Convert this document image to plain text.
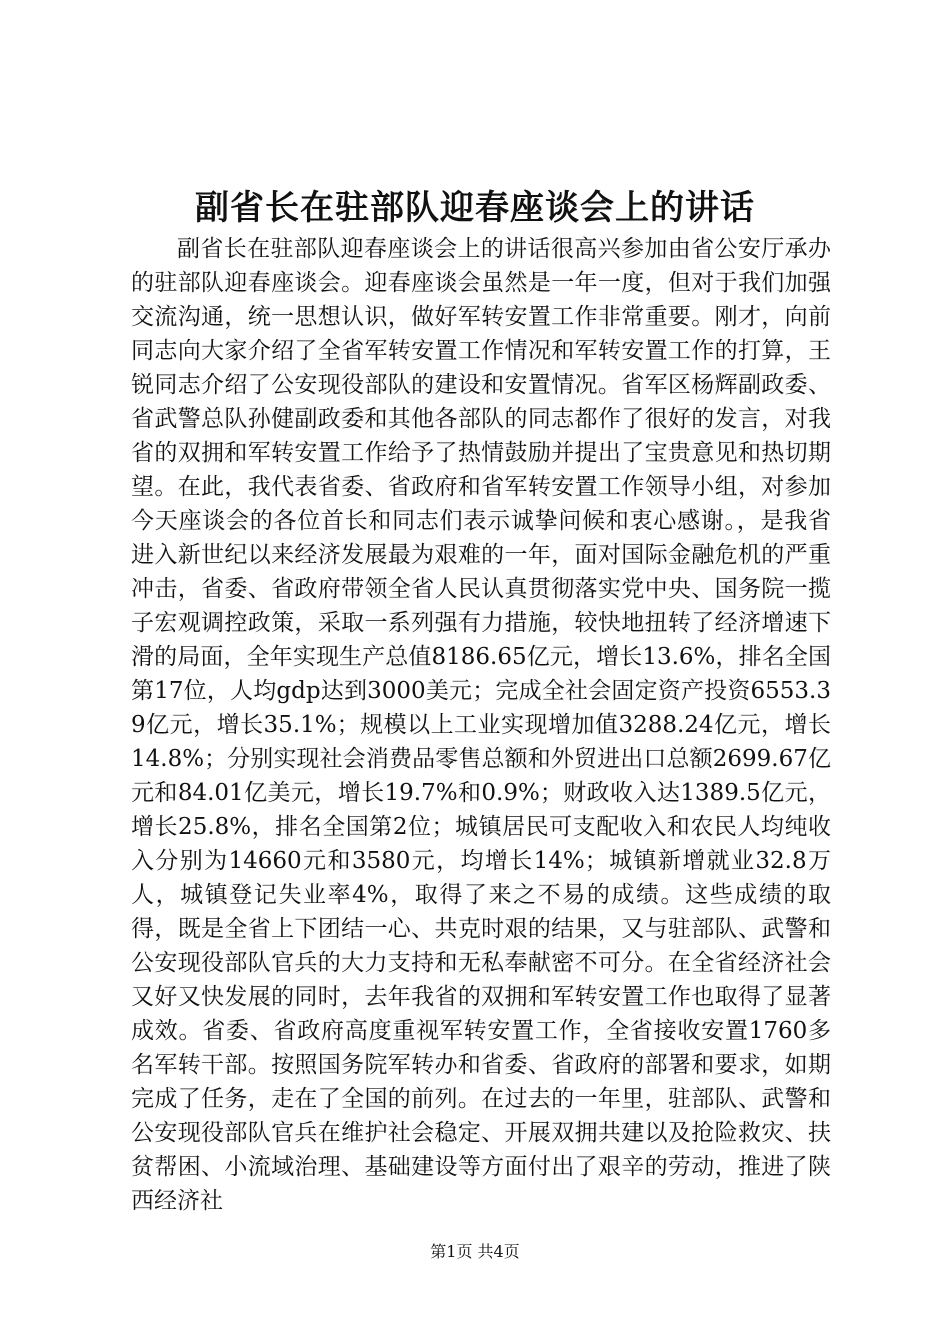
副省长在驻部队迎春座谈会上的讲话

副省长在驻部队迎春座谈会上的讲话很高兴参加由省公安厅承办的驻部队迎春座谈会。迎春座谈会虽然是一年一度，但对于我们加强交流沟通，统一思想认识，做好军转安置工作非常重要。刚才，向前同志向大家介绍了全省军转安置工作情况和军转安置工作的打算，王锐同志介绍了公安现役部队的建设和安置情况。省军区杨辉副政委、省武警总队孙健副政委和其他各部队的同志都作了很好的发言，对我省的双拥和军转安置工作给予了热情鼓励并提出了宝贵意见和热切期望。在此，我代表省委、省政府和省军转安置工作领导小组，对参加今天座谈会的各位首长和同志们表示诚挚问候和衷心感谢。，是我省进入新世纪以来经济发展最为艰难的一年，面对国际金融危机的严重冲击，省委、省政府带领全省人民认真贯彻落实党中央、国务院一揽子宏观调控政策，采取一系列强有力措施，较快地扭转了经济增速下滑的局面，全年实现生产总值8186.65亿元，增长13.6%，排名全国第17位，人均gdp达到3000美元；完成全社会固定资产投资6553.39亿元，增长35.1%；规模以上工业实现增加值3288.24亿元，增长14.8%；分别实现社会消费品零售总额和外贸进出口总额2699.67亿元和84.01亿美元，增长19.7%和0.9%；财政收入达1389.5亿元，增长25.8%，排名全国第2位；城镇居民可支配收入和农民人均纯收入分别为14660元和3580元，均增长14%；城镇新增就业32.8万人，城镇登记失业率4%，取得了来之不易的成绩。这些成绩的取得，既是全省上下团结一心、共克时艰的结果，又与驻部队、武警和公安现役部队官兵的大力支持和无私奉献密不可分。在全省经济社会又好又快发展的同时，去年我省的双拥和军转安置工作也取得了显著成效。省委、省政府高度重视军转安置工作，全省接收安置1760多名军转干部。按照国务院军转办和省委、省政府的部署和要求，如期完成了任务，走在了全国的前列。在过去的一年里，驻部队、武警和公安现役部队官兵在维护社会稳定、开展双拥共建以及抢险救灾、扶贫帮困、小流域治理、基础建设等方面付出了艰辛的劳动，推进了陕西经济社

第1页 共4页
